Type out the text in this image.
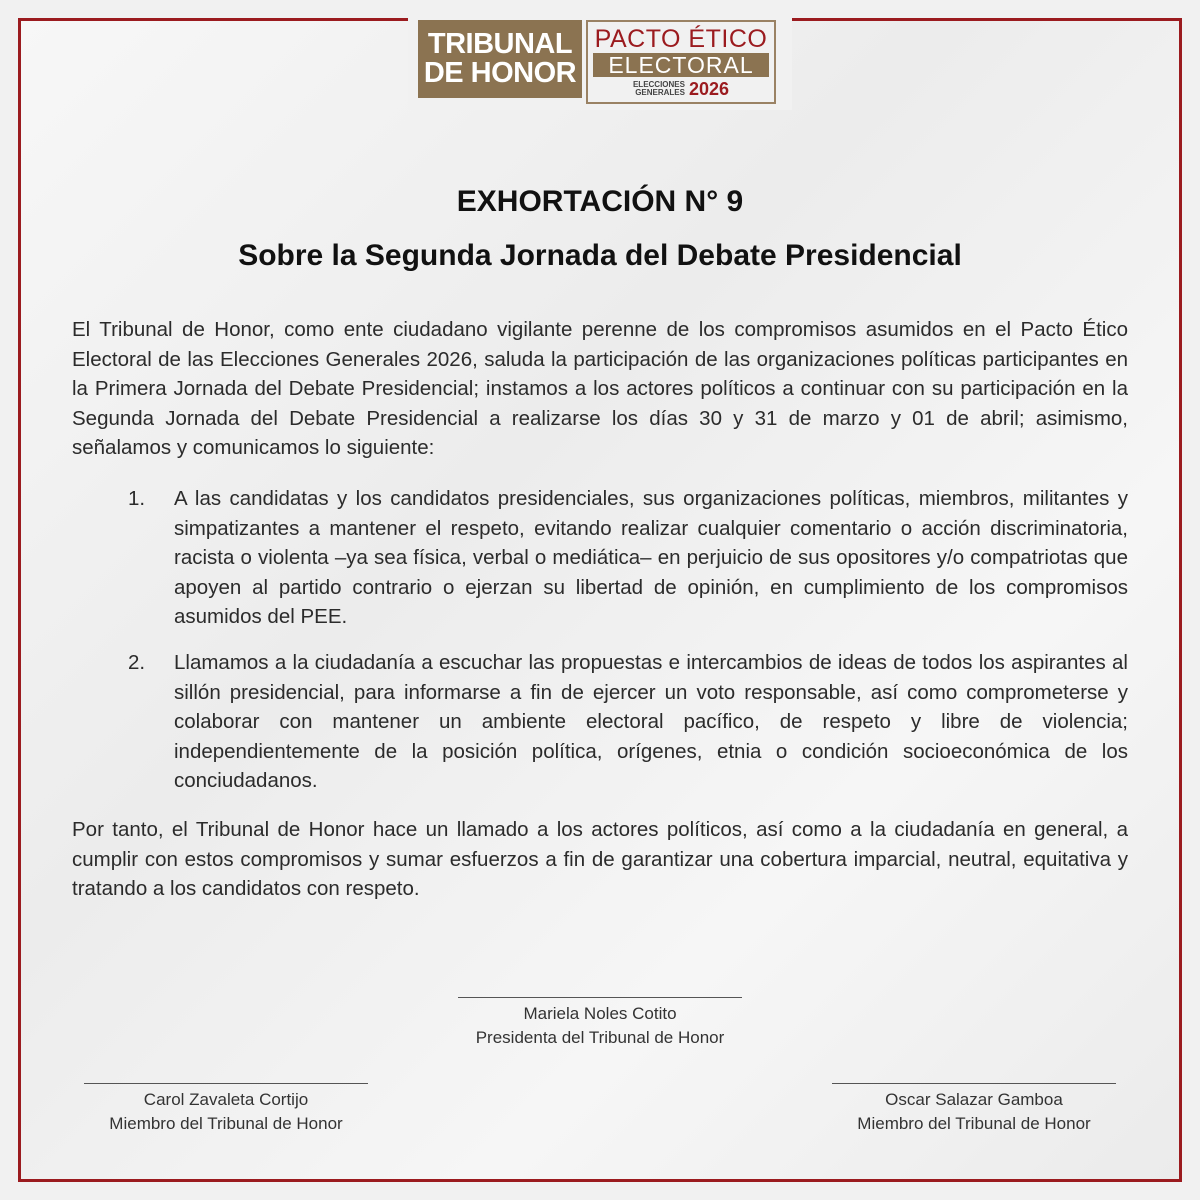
TRIBUNAL
DE HONOR
PACTO ÉTICO
ELECTORAL
ELECCIONES
GENERALES 2026
EXHORTACIÓN N° 9
Sobre la Segunda Jornada del Debate Presidencial
El Tribunal de Honor, como ente ciudadano vigilante perenne de los compromisos asumidos en el Pacto Ético Electoral de las Elecciones Generales 2026, saluda la participación de las organizaciones políticas participantes en la Primera Jornada del Debate Presidencial; instamos a los actores políticos a continuar con su participación en la Segunda Jornada del Debate Presidencial a realizarse los días 30 y 31 de marzo y 01 de abril; asimismo, señalamos y comunicamos lo siguiente:
1.	A las candidatas y los candidatos presidenciales, sus organizaciones políticas, miembros, militantes y simpatizantes a mantener el respeto, evitando realizar cualquier comentario o acción discriminatoria, racista o violenta –ya sea física, verbal o mediática– en perjuicio de sus opositores y/o compatriotas que apoyen al partido contrario o ejerzan su libertad de opinión, en cumplimiento de los compromisos asumidos del PEE.
2.	Llamamos a la ciudadanía a escuchar las propuestas e intercambios de ideas de todos los aspirantes al sillón presidencial, para informarse a fin de ejercer un voto responsable, así como comprometerse y colaborar con mantener un ambiente electoral pacífico, de respeto y libre de violencia; independientemente de la posición política, orígenes, etnia o condición socioeconómica de los conciudadanos.
Por tanto, el Tribunal de Honor hace un llamado a los actores políticos, así como a la ciudadanía en general, a cumplir con estos compromisos y sumar esfuerzos a fin de garantizar una cobertura imparcial, neutral, equitativa y tratando a los candidatos con respeto.
Mariela Noles Cotito
Presidenta del Tribunal de Honor
Carol Zavaleta Cortijo
Miembro del Tribunal de Honor
Oscar Salazar Gamboa
Miembro del Tribunal de Honor
